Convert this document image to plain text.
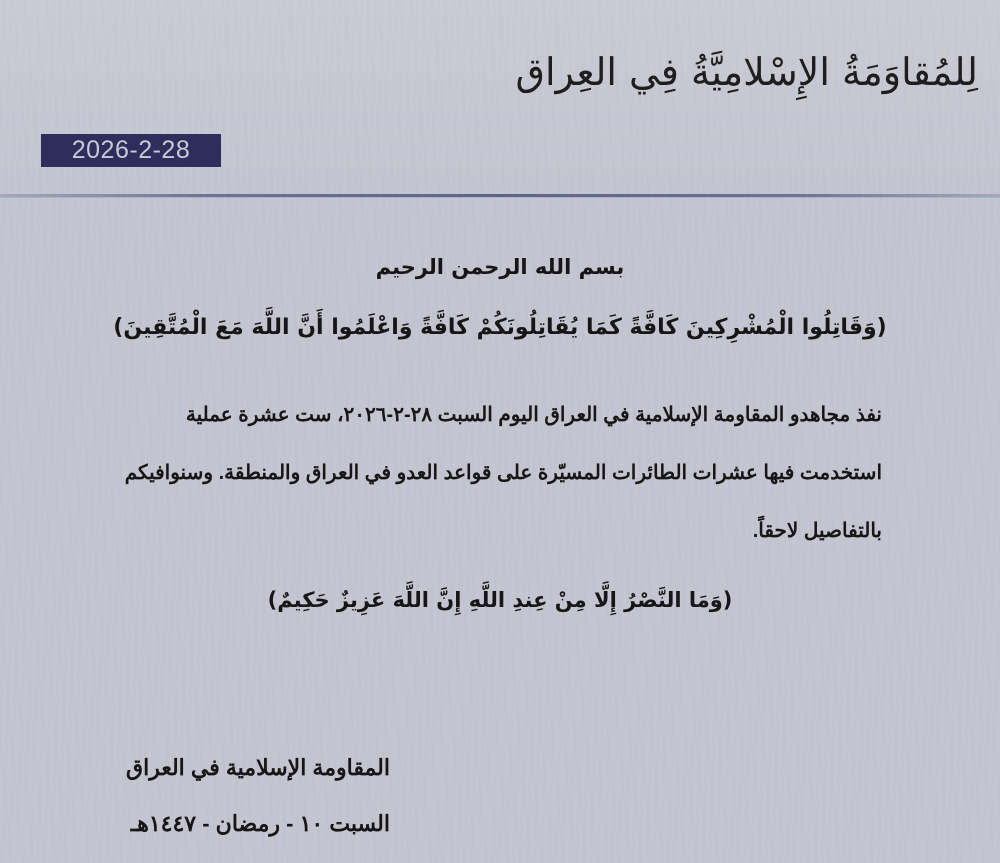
لِلمُقاوَمَةُ الإِسْلامِيَّةُ فِي العِراق
2026-2-28
بسم الله الرحمن الرحيم
(وَقَاتِلُوا الْمُشْرِكِينَ كَافَّةً كَمَا يُقَاتِلُونَكُمْ كَافَّةً وَاعْلَمُوا أَنَّ اللَّهَ مَعَ الْمُتَّقِينَ)
نفذ مجاهدو المقاومة الإسلامية في العراق اليوم السبت ٢٨-٢-٢٠٢٦، ست عشرة عملية
استخدمت فيها عشرات الطائرات المسيّرة على قواعد العدو في العراق والمنطقة. وسنوافيكم
بالتفاصيل لاحقاً.
(وَمَا النَّصْرُ إِلَّا مِنْ عِندِ اللَّهِ إِنَّ اللَّهَ عَزِيزٌ حَكِيمٌ)
المقاومة الإسلامية في العراق
السبت ١٠ - رمضان - ١٤٤٧هـ
